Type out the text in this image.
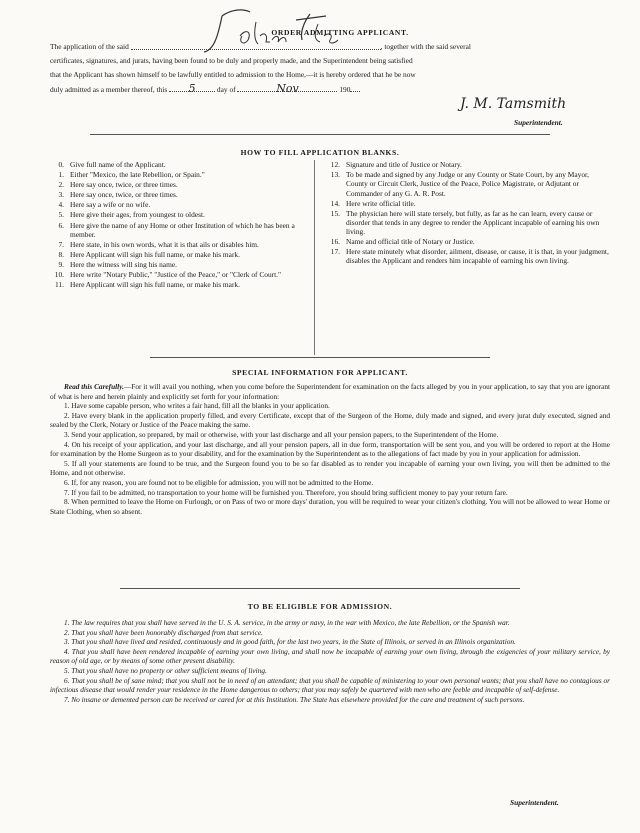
ORDER ADMITTING APPLICANT.
The application of the said	, together with the said several
certificates, signatures, and jurats, having been found to be duly and properly made, and the Superintendent being satisfied
that the Applicant has shown himself to be lawfully entitled to admission to the Home,—it is hereby ordered that he be now
duly admitted as a member thereof, this 5	day of	Nov	190
J. M. Tamsmith
Superintendent.
HOW TO FILL APPLICATION BLANKS.
0. Give full name of the Applicant.
1. Either "Mexico, the late Rebellion, or Spain."
2. Here say once, twice, or three times.
3. Here say once, twice, or three times.
4. Here say a wife or no wife.
5. Here give their ages, from youngest to oldest.
6. Here give the name of any Home or other Institution of which he has been a member.
7. Here state, in his own words, what it is that ails or disables him.
8. Here Applicant will sign his full name, or make his mark.
9. Here the witness will sing his name.
10. Here write "Notary Public," "Justice of the Peace," or "Clerk of Court."
11. Here Applicant will sign his full name, or make his mark.
12. Signature and title of Justice or Notary.
13. To be made and signed by any Judge or any County or State Court, by any Mayor, County or Circuit Clerk, Justice of the Peace, Police Magistrate, or Adjutant or Commander of any G. A. R. Post.
14. Here write official title.
15. The physician here will state tersely, but fully, as far as he can learn, every cause or disorder that tends in any degree to render the Applicant incapable of earning his own living.
16. Name and official title of Notary or Justice.
17. Here state minutely what disorder, ailment, disease, or cause, it is that, in your judgment, disables the Applicant and renders him incapable of earning his own living.
SPECIAL INFORMATION FOR APPLICANT.

Read this Carefully.—For it will avail you nothing, when you come before the Superintendent for examination on the facts alleged by you in your application, to say that you are ignorant of what is here and herein plainly and explicitly set forth for your information:

1. Have some capable person, who writes a fair hand, fill all the blanks in your application.

2. Have every blank in the application properly filled, and every Certificate, except that of the Surgeon of the Home, duly made and signed, and every jurat duly executed, signed and sealed by the Clerk, Notary or Justice of the Peace making the same.

3. Send your application, so prepared, by mail or otherwise, with your last discharge and all your pension papers, to the Superintendent of the Home.

4. On his receipt of your application, and your last discharge, and all your pension papers, all in due form, transportation will be sent you, and you will be ordered to report at the Home for examination by the Home Surgeon as to your disability, and for the examination by the Superintendent as to the allegations of fact made by you in your application for admission.

5. If all your statements are found to be true, and the Surgeon found you to be so far disabled as to render you incapable of earning your own living, you will then be admitted to the Home, and not otherwise.

6. If, for any reason, you are found not to be eligible for admission, you will not be admitted to the Home.

7. If you fail to be admitted, no transportation to your home will be furnished you. Therefore, you should bring sufficient money to pay your return fare.

8. When permitted to leave the Home on Furlough, or on Pass of two or more days' duration, you will be required to wear your citizen's clothing. You will not be allowed to wear Home or State Clothing, when so absent.

TO BE ELIGIBLE FOR ADMISSION.

1. The law requires that you shall have served in the U. S. A. service, in the army or navy, in the war with Mexico, the late Rebellion, or the Spanish war.

2. That you shall have been honorably discharged from that service.

3. That you shall have lived and resided, continuously and in good faith, for the last two years, in the State of Illinois, or served in an Illinois organization.

4. That you shall have been rendered incapable of earning your own living, and shall now be incapable of earning your own living, through the exigencies of your military service, by reason of old age, or by means of some other present disability.

5. That you shall have no property or other sufficient means of living.

6. That you shall be of sane mind; that you shall not be in need of an attendant; that you shall be capable of ministering to your own personal wants; that you shall have no contagious or infectious disease that would render your residence in the Home dangerous to others; that you may safely be quartered with men who are feeble and incapable of self-defense.

7. No insane or demented person can be received or cared for at this Institution. The State has elsewhere provided for the care and treatment of such persons.

Superintendent.
